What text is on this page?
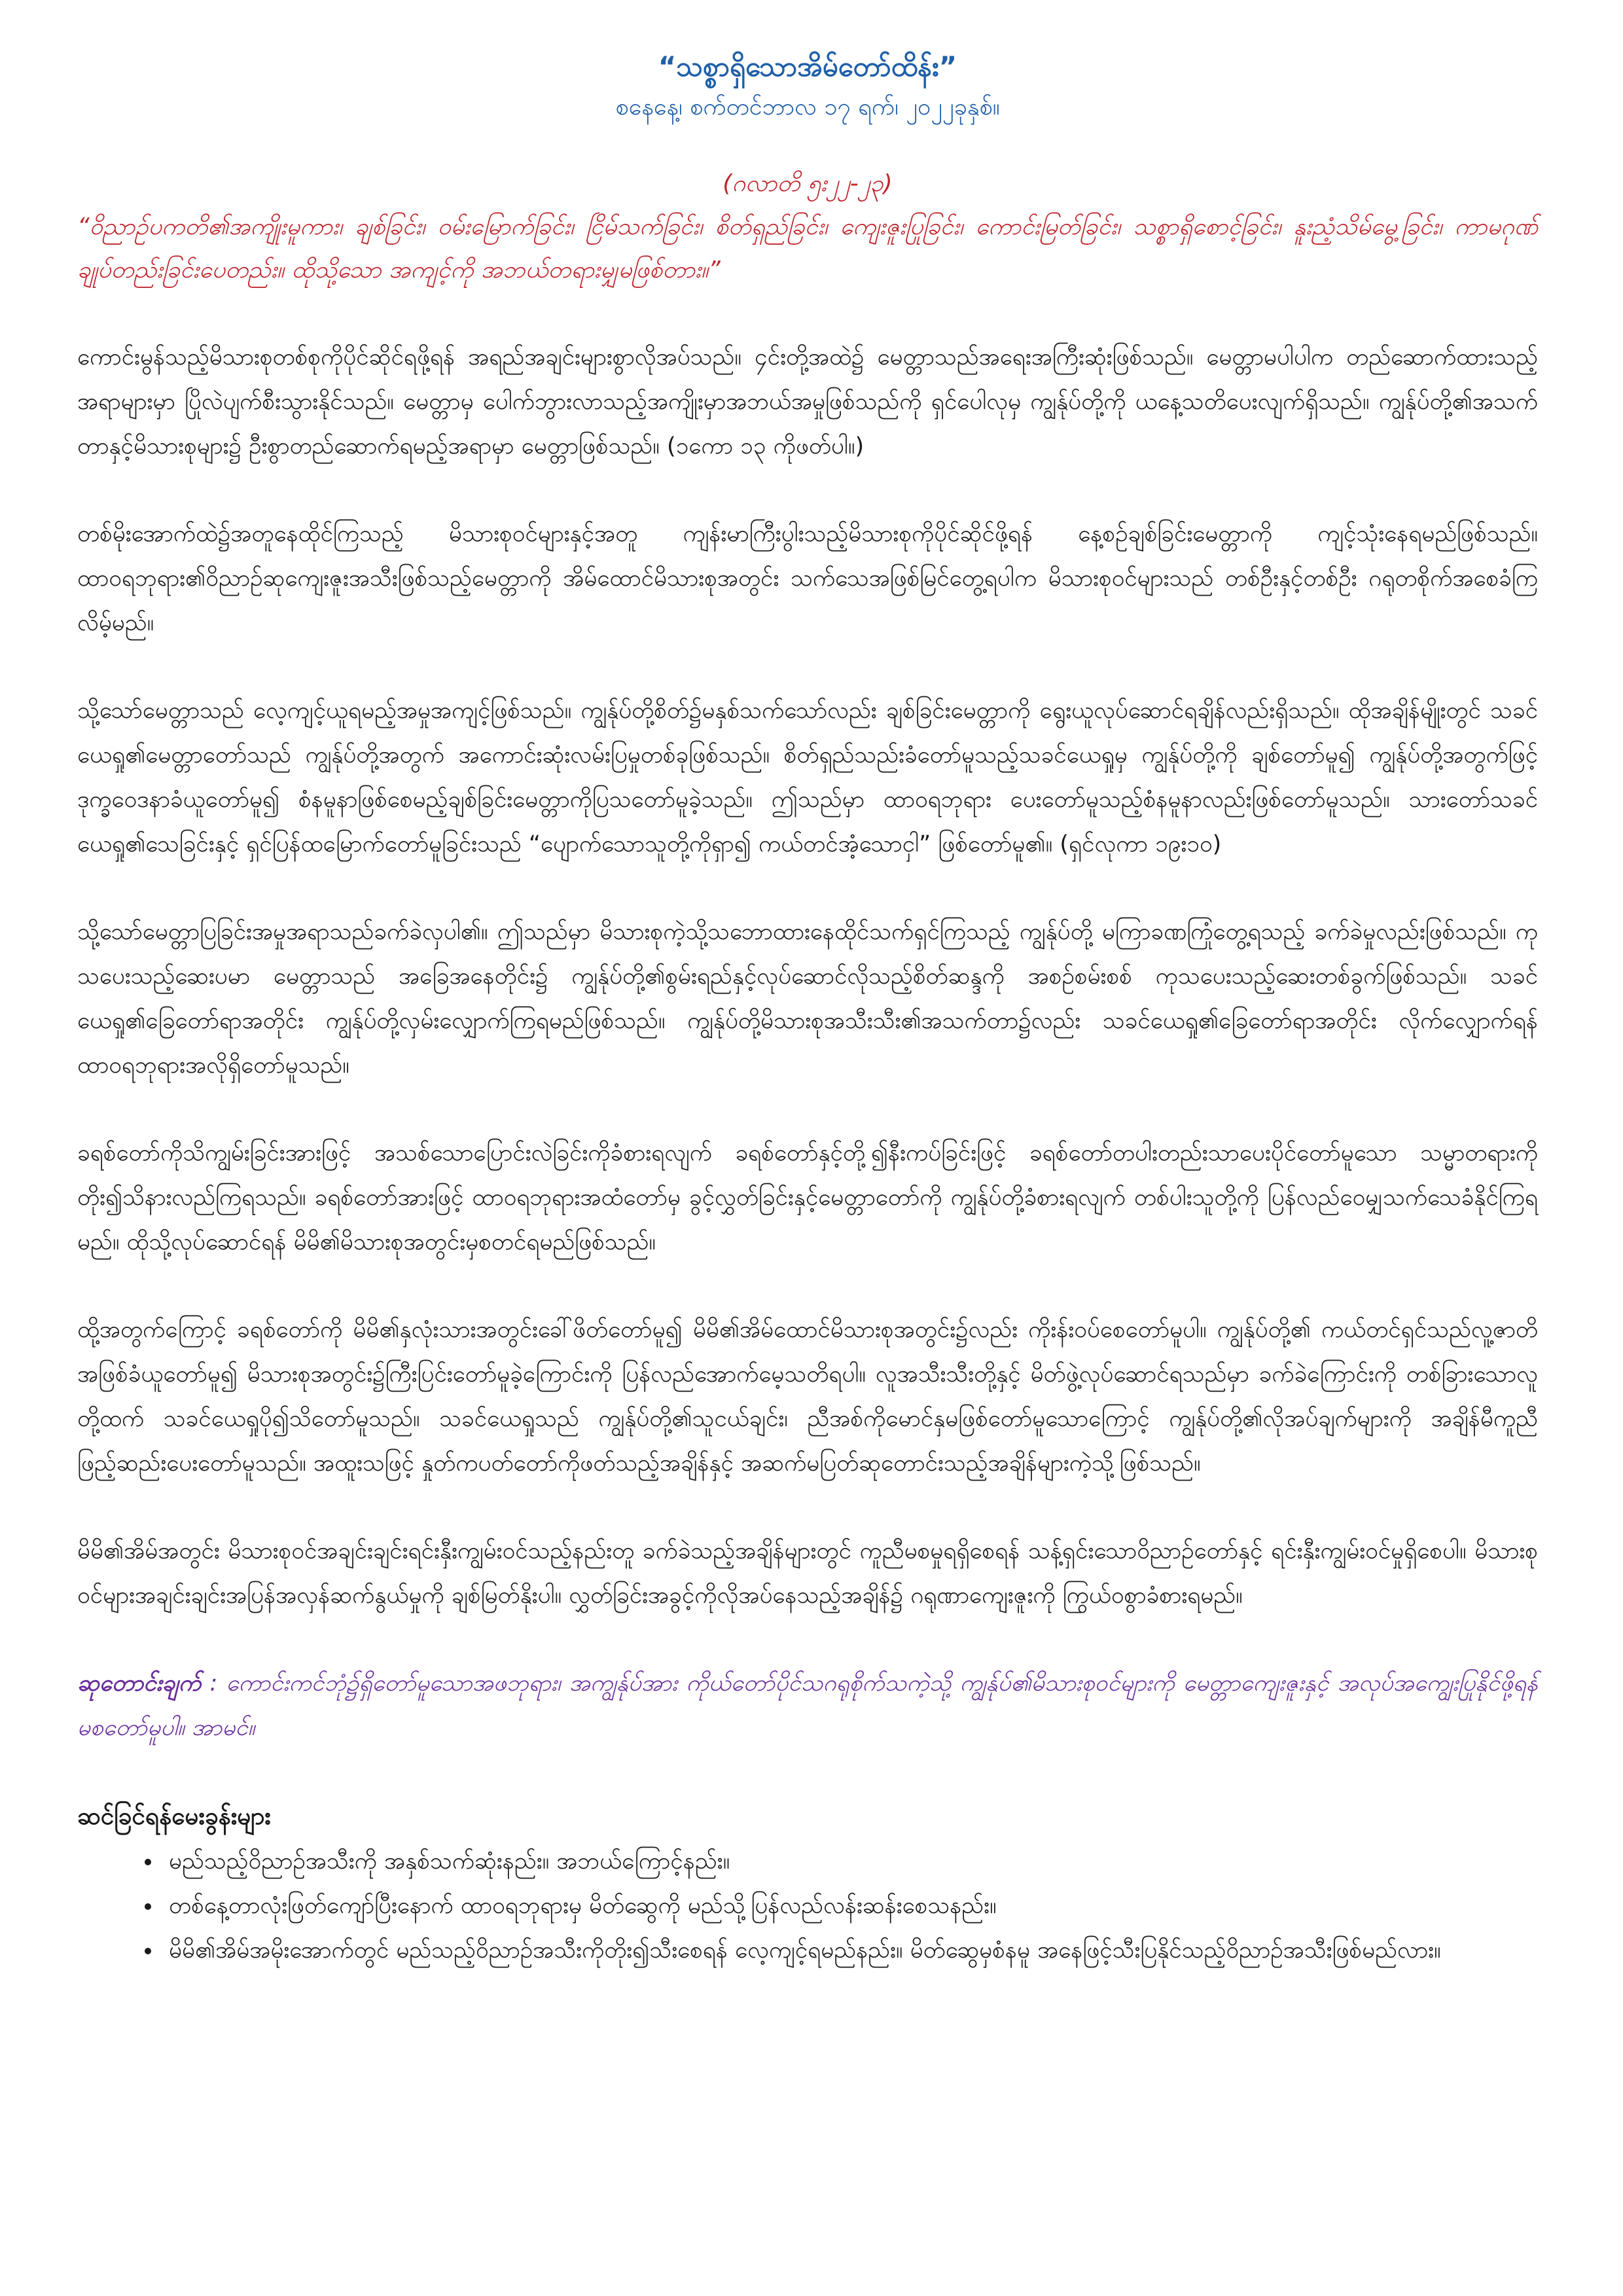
“သစ္စာရှိသောအိမ်တော်ထိန်း”
စနေနေ့၊ စက်တင်ဘာလ ၁၇ ရက်၊ ၂၀၂၂ခုနှစ်။
(ဂလာတိ ၅း၂၂-၂၃)

“ဝိညာဉ်ပကတိ၏အကျိုးမူကား၊ ချစ်ခြင်း၊ ဝမ်းမြောက်ခြင်း၊ ငြိမ်သက်ခြင်း၊ စိတ်ရှည်ခြင်း၊ ကျေးဇူးပြုခြင်း၊ ကောင်းမြတ်ခြင်း၊ သစ္စာရှိစောင့်ခြင်း၊ နူးညံ့သိမ်မွေ့ခြင်း၊ ကာမဂုဏ်ချုပ်တည်းခြင်းပေတည်း။ ထိုသို့သော အကျင့်ကို အဘယ်တရားမျှမဖြစ်တား။”

ကောင်းမွန်သည့်မိသားစုတစ်စုကိုပိုင်ဆိုင်ရဖို့ရန် အရည်အချင်းများစွာလိုအပ်သည်။ ၄င်းတို့အထဲ၌ မေတ္တာသည်အရေးအကြီးဆုံးဖြစ်သည်။ မေတ္တာမပါပါက တည်ဆောက်ထားသည့်အရာများမှာ ပြိုလဲပျက်စီးသွားနိုင်သည်။ မေတ္တာမှ ပေါက်ဘွားလာသည့်အကျိုးမှာအဘယ်အမှုဖြစ်သည်ကို ရှင်ပေါလုမှ ကျွန်ုပ်တို့ကို ယနေ့သတိပေးလျက်ရှိသည်။ ကျွန်ုပ်တို့၏အသက်တာနှင့်မိသားစုများ၌ ဦးစွာတည်ဆောက်ရမည့်အရာမှာ မေတ္တာဖြစ်သည်။ (၁ကော ၁၃ ကိုဖတ်ပါ။)

တစ်မိုးအောက်ထဲ၌အတူနေထိုင်ကြသည့် မိသားစုဝင်များနှင့်အတူ ကျန်းမာကြီးပွါးသည့်မိသားစုကိုပိုင်ဆိုင်ဖို့ရန် နေ့စဉ်ချစ်ခြင်းမေတ္တာကို ကျင့်သုံးနေရမည်ဖြစ်သည်။ ထာဝရဘုရား၏ဝိညာဉ်ဆုကျေးဇူးအသီးဖြစ်သည့်မေတ္တာကို အိမ်ထောင်မိသားစုအတွင်း သက်သေအဖြစ်မြင်တွေ့ရပါက မိသားစုဝင်များသည် တစ်ဦးနှင့်တစ်ဦး ဂရုတစိုက်အစေခံကြလိမ့်မည်။

သို့သော်မေတ္တာသည် လေ့ကျင့်ယူရမည့်အမှုအကျင့်ဖြစ်သည်။ ကျွန်ုပ်တို့စိတ်၌မနှစ်သက်သော်လည်း ချစ်ခြင်းမေတ္တာကို ရွေးယူလုပ်ဆောင်ရချိန်လည်းရှိသည်။ ထိုအချိန်မျိုးတွင် သခင်ယေရှု၏မေတ္တာတော်သည် ကျွန်ုပ်တို့အတွက် အကောင်းဆုံးလမ်းပြမှုတစ်ခုဖြစ်သည်။ စိတ်ရှည်သည်းခံတော်မူသည့်သခင်ယေရှုမှ ကျွန်ုပ်တို့ကို ချစ်တော်မူ၍ ကျွန်ုပ်တို့အတွက်ဖြင့် ဒုက္ခဝေဒနာခံယူတော်မူ၍ စံနမူနာဖြစ်စေမည့်ချစ်ခြင်းမေတ္တာကိုပြသတော်မူခဲ့သည်။ ဤသည်မှာ ထာဝရဘုရား ပေးတော်မူသည့်စံနမူနာလည်းဖြစ်တော်မူသည်။ သားတော်သခင်ယေရှု၏သေခြင်းနှင့် ရှင်ပြန်ထမြောက်တော်မူခြင်းသည် “ပျောက်သောသူတို့ကိုရှာ၍ ကယ်တင်အံ့သောငှါ” ဖြစ်တော်မူ၏။ (ရှင်လုကာ ၁၉း၁၀)

သို့သော်မေတ္တာပြခြင်းအမှုအရာသည်ခက်ခဲလှပါ၏။ ဤသည်မှာ မိသားစုကဲ့သို့သဘောထားနေထိုင်သက်ရှင်ကြသည့် ကျွန်ုပ်တို့ မကြာခဏကြုံတွေ့ရသည့် ခက်ခဲမှုလည်းဖြစ်သည်။ ကုသပေးသည့်ဆေးပမာ မေတ္တာသည် အခြေအနေတိုင်း၌ ကျွန်ုပ်တို့၏စွမ်းရည်နှင့်လုပ်ဆောင်လိုသည့်စိတ်ဆန္ဒကို အစဉ်စမ်းစစ် ကုသပေးသည့်ဆေးတစ်ခွက်ဖြစ်သည်။ သခင်ယေရှု၏ခြေတော်ရာအတိုင်း ကျွန်ုပ်တို့လှမ်းလျှောက်ကြရမည်ဖြစ်သည်။ ကျွန်ုပ်တို့မိသားစုအသီးသီး၏အသက်တာ၌လည်း သခင်ယေရှု၏ခြေတော်ရာအတိုင်း လိုက်လျှောက်ရန် ထာဝရဘုရားအလိုရှိတော်မူသည်။

ခရစ်တော်ကိုသိကျွမ်းခြင်းအားဖြင့် အသစ်သောပြောင်းလဲခြင်းကိုခံစားရလျက် ခရစ်တော်နှင့်တို့၍နီးကပ်ခြင်းဖြင့် ခရစ်တော်တပါးတည်းသာပေးပိုင်တော်မူသော သမ္မာတရားကို တိုး၍သိနားလည်ကြရသည်။ ခရစ်တော်အားဖြင့် ထာဝရဘုရားအထံတော်မှ ခွင့်လွှတ်ခြင်းနှင့်မေတ္တာတော်ကို ကျွန်ုပ်တို့ခံစားရလျက် တစ်ပါးသူတို့ကို ပြန်လည်ဝေမျှသက်သေခံနိုင်ကြရမည်။ ထိုသို့လုပ်ဆောင်ရန် မိမိ၏မိသားစုအတွင်းမှစတင်ရမည်ဖြစ်သည်။

ထို့အတွက်ကြောင့် ခရစ်တော်ကို မိမိ၏နှလုံးသားအတွင်းခေါ်ဖိတ်တော်မူ၍ မိမိ၏အိမ်ထောင်မိသားစုအတွင်း၌လည်း ကိုးန်းဝပ်စေတော်မူပါ။ ကျွန်ုပ်တို့၏ ကယ်တင်ရှင်သည်လူ့ဇာတိအဖြစ်ခံယူတော်မူ၍ မိသားစုအတွင်း၌ကြီးပြင်းတော်မူခဲ့ကြောင်းကို ပြန်လည်အောက်မေ့သတိရပါ။ လူအသီးသီးတို့နှင့် မိတ်ဖွဲ့လုပ်ဆောင်ရသည်မှာ ခက်ခဲကြောင်းကို တစ်ခြားသောလူတို့ထက် သခင်ယေရှုပို၍သိတော်မူသည်။ သခင်ယေရှုသည် ကျွန်ုပ်တို့၏သူငယ်ချင်း၊ ညီအစ်ကိုမောင်နှမဖြစ်တော်မူသောကြောင့် ကျွန်ုပ်တို့၏လိုအပ်ချက်များကို အချိန်မီကူညီဖြည့်ဆည်းပေးတော်မူသည်။ အထူးသဖြင့် နှုတ်ကပတ်တော်ကိုဖတ်သည့်အချိန်နှင့် အဆက်မပြတ်ဆုတောင်းသည့်အချိန်များကဲ့သို့ဖြစ်သည်။

မိမိ၏အိမ်အတွင်း မိသားစုဝင်အချင်းချင်းရင်းနှီးကျွမ်းဝင်သည့်နည်းတူ ခက်ခဲသည့်အချိန်များတွင် ကူညီမစမှုရရှိစေရန် သန့်ရှင်းသောဝိညာဉ်တော်နှင့် ရင်းနှီးကျွမ်းဝင်မှုရှိစေပါ။ မိသားစုဝင်များအချင်းချင်းအပြန်အလှန်ဆက်နွယ်မှုကို ချစ်မြတ်နိုးပါ။ လွှတ်ခြင်းအခွင့်ကိုလိုအပ်နေသည့်အချိန်၌ ဂရုဏာကျေးဇူးကို ကြွယ်ဝစွာခံစားရမည်။

ဆုတောင်းချက် : ကောင်းကင်ဘုံ၌ရှိတော်မူသောအဖဘုရား၊ အကျွန်ုပ်အား ကိုယ်တော်ပိုင်သဂရုစိုက်သကဲ့သို့ ကျွန်ုပ်၏မိသားစုဝင်များကို မေတ္တာကျေးဇူးနှင့် အလုပ်အကျွေးပြုနိုင်ဖို့ရန်မစတော်မူပါ။ အာမင်။

ဆင်ခြင်ရန်မေးခွန်းများ
• မည်သည့်ဝိညာဉ်အသီးကို အနှစ်သက်ဆုံးနည်း။ အဘယ်ကြောင့်နည်း။
• တစ်နေ့တာလုံးဖြတ်ကျော်ပြီးနောက် ထာဝရဘုရားမှ မိတ်ဆွေကို မည်သို့ပြန်လည်လန်းဆန်းစေသနည်း။
• မိမိ၏အိမ်အမိုးအောက်တွင် မည်သည့်ဝိညာဉ်အသီးကိုတိုး၍သီးစေရန် လေ့ကျင့်ရမည်နည်း။ မိတ်ဆွေမှစံနမူ အနေဖြင့်သီးပြနိုင်သည့်ဝိညာဉ်အသီးဖြစ်မည်လား။
